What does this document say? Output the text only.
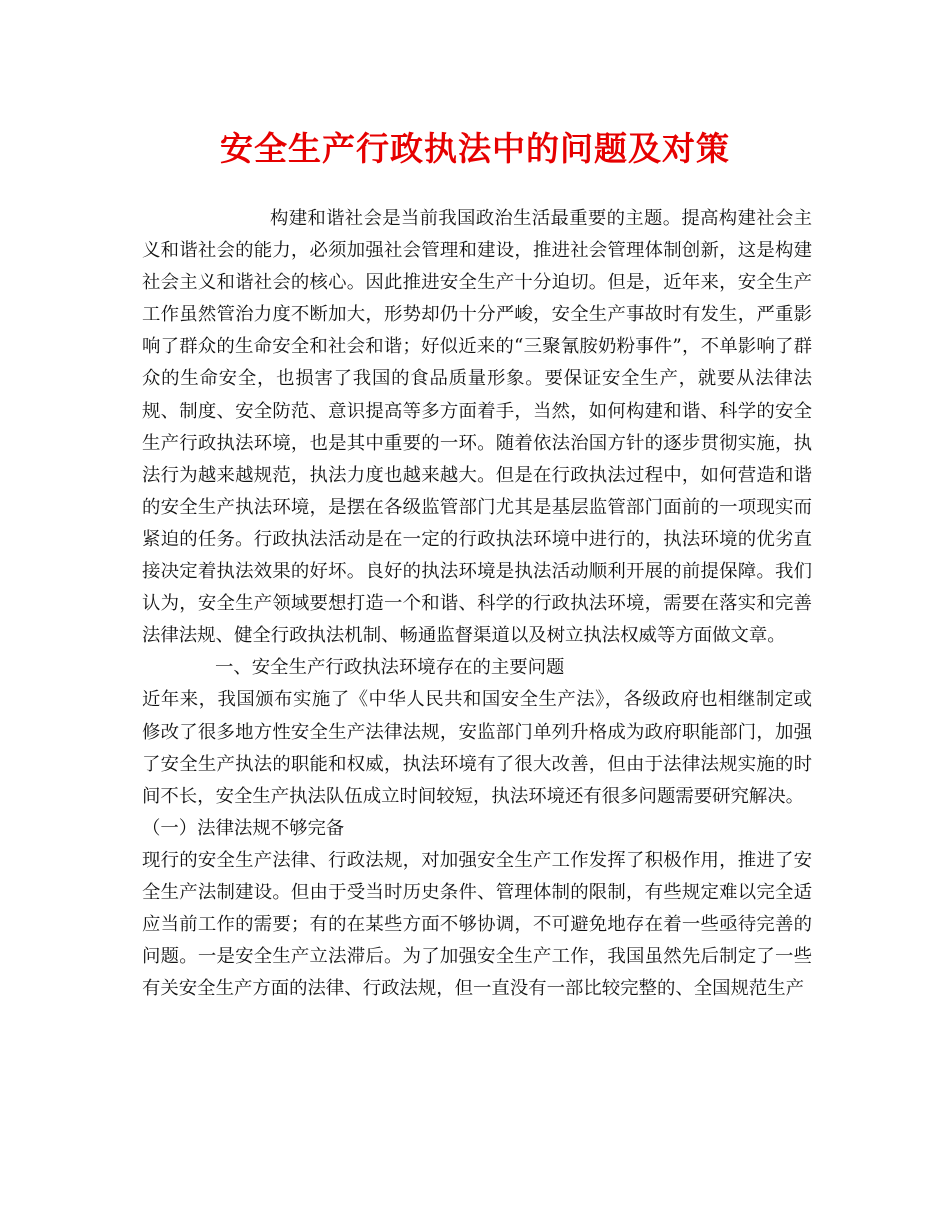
安全生产行政执法中的问题及对策

构建和谐社会是当前我国政治生活最重要的主题。提高构建社会主义和谐社会的能力，必须加强社会管理和建设，推进社会管理体制创新，这是构建社会主义和谐社会的核心。因此推进安全生产十分迫切。但是，近年来，安全生产工作虽然管治力度不断加大，形势却仍十分严峻，安全生产事故时有发生，严重影响了群众的生命安全和社会和谐；好似近来的“三聚氰胺奶粉事件”，不单影响了群众的生命安全，也损害了我国的食品质量形象。要保证安全生产，就要从法律法规、制度、安全防范、意识提高等多方面着手，当然，如何构建和谐、科学的安全生产行政执法环境，也是其中重要的一环。随着依法治国方针的逐步贯彻实施，执法行为越来越规范，执法力度也越来越大。但是在行政执法过程中，如何营造和谐的安全生产执法环境，是摆在各级监管部门尤其是基层监管部门面前的一项现实而紧迫的任务。行政执法活动是在一定的行政执法环境中进行的，执法环境的优劣直接决定着执法效果的好坏。良好的执法环境是执法活动顺利开展的前提保障。我们认为，安全生产领域要想打造一个和谐、科学的行政执法环境，需要在落实和完善法律法规、健全行政执法机制、畅通监督渠道以及树立执法权威等方面做文章。

一、安全生产行政执法环境存在的主要问题

近年来，我国颁布实施了《中华人民共和国安全生产法》，各级政府也相继制定或修改了很多地方性安全生产法律法规，安监部门单列升格成为政府职能部门，加强了安全生产执法的职能和权威，执法环境有了很大改善，但由于法律法规实施的时间不长，安全生产执法队伍成立时间较短，执法环境还有很多问题需要研究解决。

（一）法律法规不够完备

现行的安全生产法律、行政法规，对加强安全生产工作发挥了积极作用，推进了安全生产法制建设。但由于受当时历史条件、管理体制的限制，有些规定难以完全适应当前工作的需要；有的在某些方面不够协调，不可避免地存在着一些亟待完善的问题。一是安全生产立法滞后。为了加强安全生产工作，我国虽然先后制定了一些有关安全生产方面的法律、行政法规，但一直没有一部比较完整的、全国规范生产
